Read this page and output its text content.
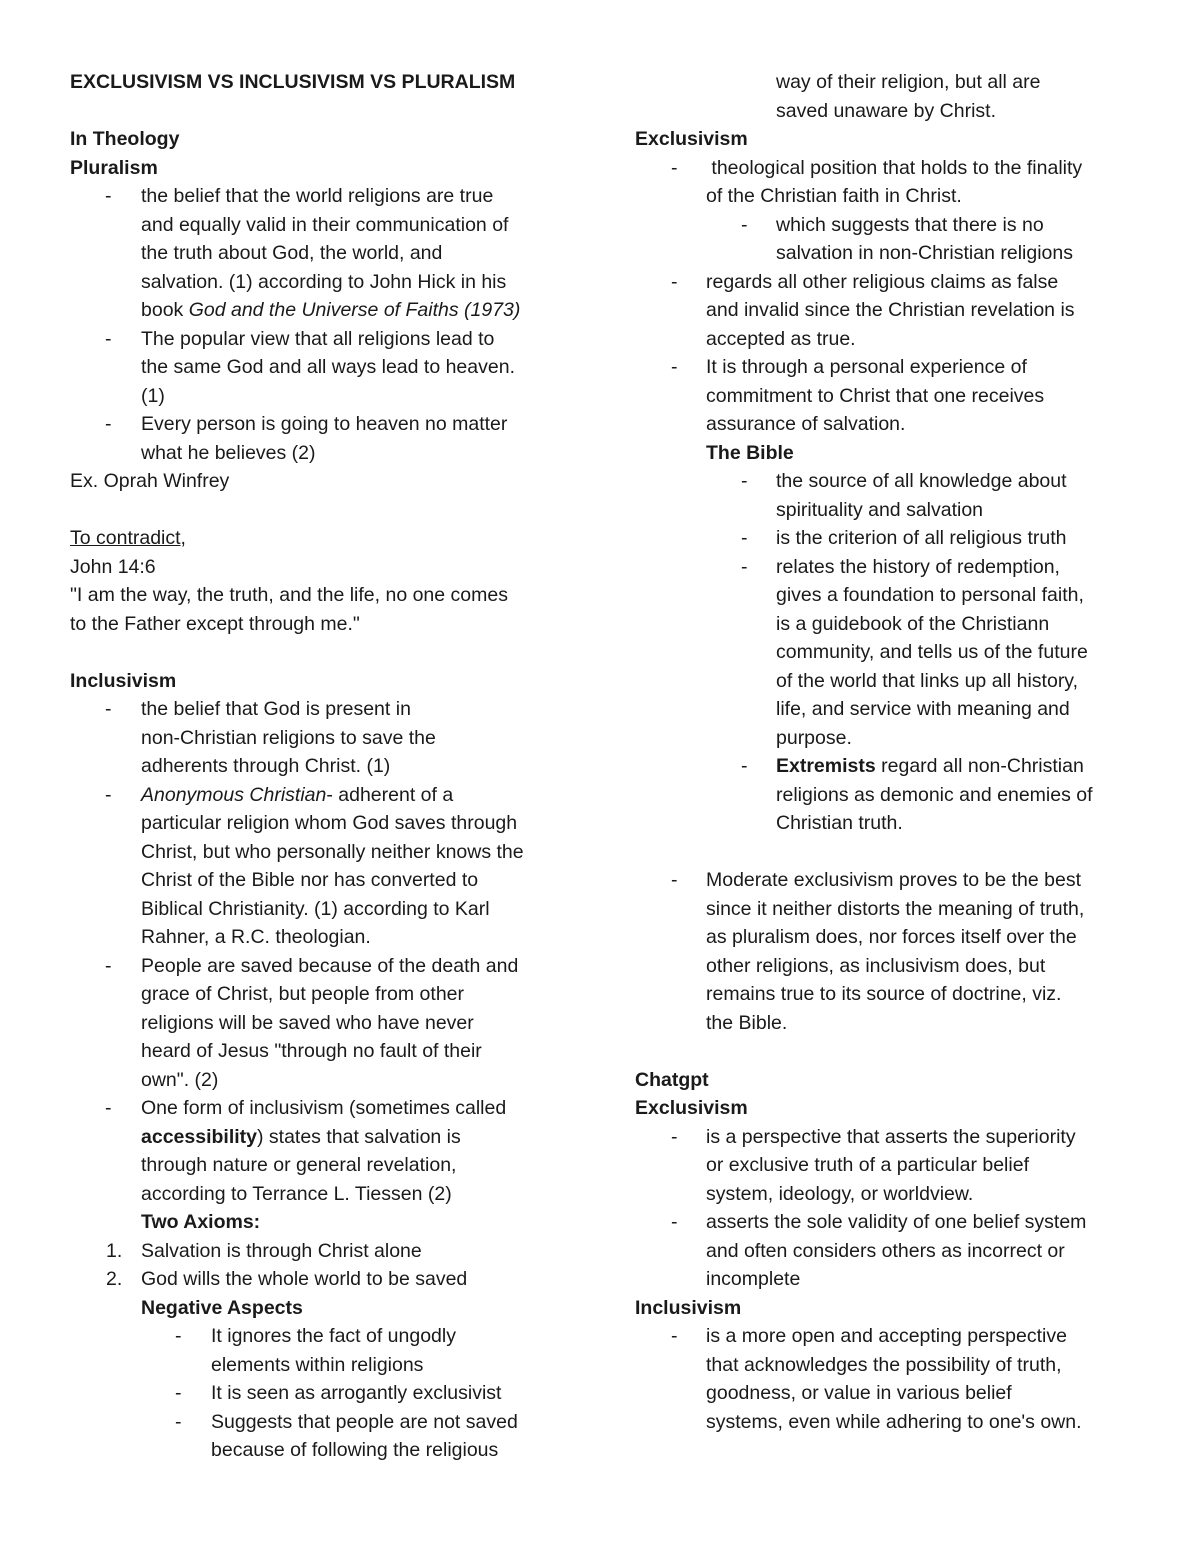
EXCLUSIVISM VS INCLUSIVISM VS PLURALISM
In Theology
Pluralism
- the belief that the world religions are true
and equally valid in their communication of
the truth about God, the world, and
salvation. (1) according to John Hick in his
book God and the Universe of Faiths (1973)
- The popular view that all religions lead to
the same God and all ways lead to heaven.
(1)
- Every person is going to heaven no matter
what he believes (2)
Ex. Oprah Winfrey
To contradict,
John 14:6
"I am the way, the truth, and the life, no one comes
to the Father except through me."
Inclusivism
- the belief that God is present in
non-Christian religions to save the
adherents through Christ. (1)
- Anonymous Christian- adherent of a
particular religion whom God saves through
Christ, but who personally neither knows the
Christ of the Bible nor has converted to
Biblical Christianity. (1) according to Karl
Rahner, a R.C. theologian.
- People are saved because of the death and
grace of Christ, but people from other
religions will be saved who have never
heard of Jesus "through no fault of their
own". (2)
- One form of inclusivism (sometimes called
accessibility) states that salvation is
through nature or general revelation,
according to Terrance L. Tiessen (2)
Two Axioms:
1. Salvation is through Christ alone
2. God wills the whole world to be saved
Negative Aspects
- It ignores the fact of ungodly
elements within religions
- It is seen as arrogantly exclusivist
- Suggests that people are not saved
because of following the religious
way of their religion, but all are
saved unaware by Christ.
Exclusivism
- theological position that holds to the finality
of the Christian faith in Christ.
- which suggests that there is no
salvation in non-Christian religions
- regards all other religious claims as false
and invalid since the Christian revelation is
accepted as true.
- It is through a personal experience of
commitment to Christ that one receives
assurance of salvation.
The Bible
- the source of all knowledge about
spirituality and salvation
- is the criterion of all religious truth
- relates the history of redemption,
gives a foundation to personal faith,
is a guidebook of the Christiann
community, and tells us of the future
of the world that links up all history,
life, and service with meaning and
purpose.
- Extremists regard all non-Christian
religions as demonic and enemies of
Christian truth.
- Moderate exclusivism proves to be the best
since it neither distorts the meaning of truth,
as pluralism does, nor forces itself over the
other religions, as inclusivism does, but
remains true to its source of doctrine, viz.
the Bible.
Chatgpt
Exclusivism
- is a perspective that asserts the superiority
or exclusive truth of a particular belief
system, ideology, or worldview.
- asserts the sole validity of one belief system
and often considers others as incorrect or
incomplete
Inclusivism
- is a more open and accepting perspective
that acknowledges the possibility of truth,
goodness, or value in various belief
systems, even while adhering to one's own.
